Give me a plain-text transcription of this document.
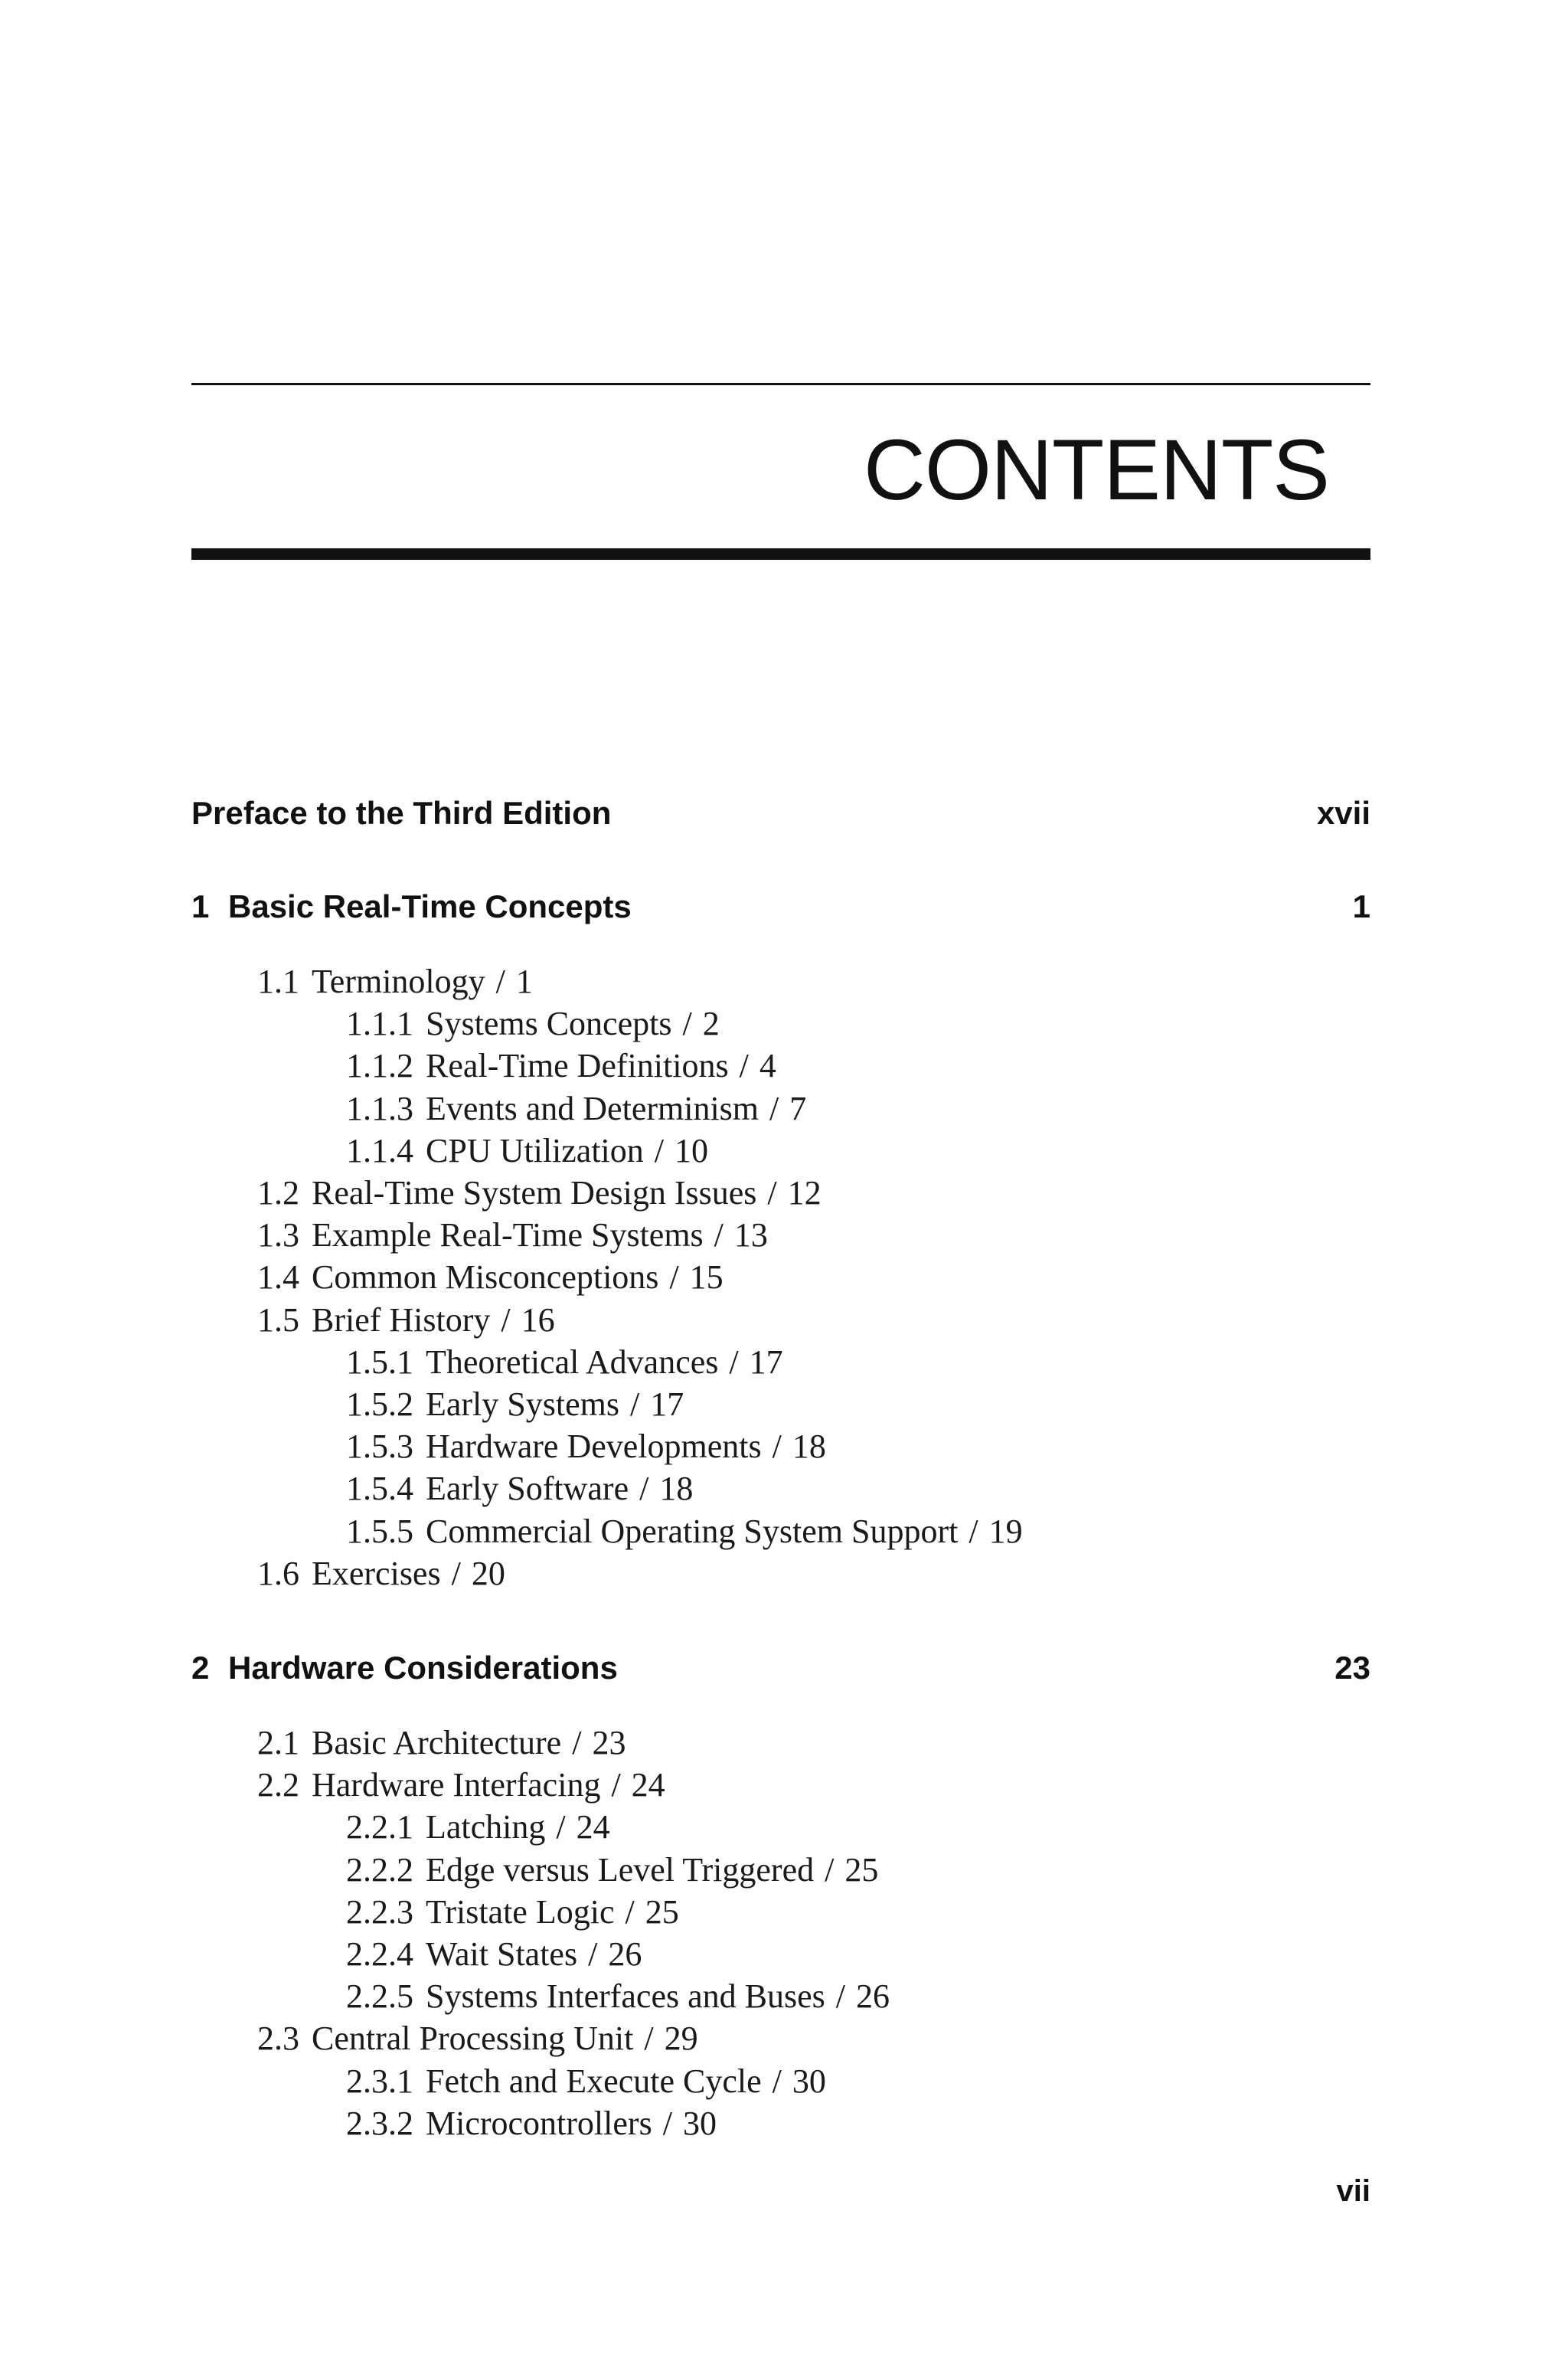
CONTENTS
Preface to the Third Edition	xvii
1 Basic Real-Time Concepts	1
1.1 Terminology / 1
1.1.1 Systems Concepts / 2
1.1.2 Real-Time Definitions / 4
1.1.3 Events and Determinism / 7
1.1.4 CPU Utilization / 10
1.2 Real-Time System Design Issues / 12
1.3 Example Real-Time Systems / 13
1.4 Common Misconceptions / 15
1.5 Brief History / 16
1.5.1 Theoretical Advances / 17
1.5.2 Early Systems / 17
1.5.3 Hardware Developments / 18
1.5.4 Early Software / 18
1.5.5 Commercial Operating System Support / 19
1.6 Exercises / 20
2 Hardware Considerations	23
2.1 Basic Architecture / 23
2.2 Hardware Interfacing / 24
2.2.1 Latching / 24
2.2.2 Edge versus Level Triggered / 25
2.2.3 Tristate Logic / 25
2.2.4 Wait States / 26
2.2.5 Systems Interfaces and Buses / 26
2.3 Central Processing Unit / 29
2.3.1 Fetch and Execute Cycle / 30
2.3.2 Microcontrollers / 30
vii
